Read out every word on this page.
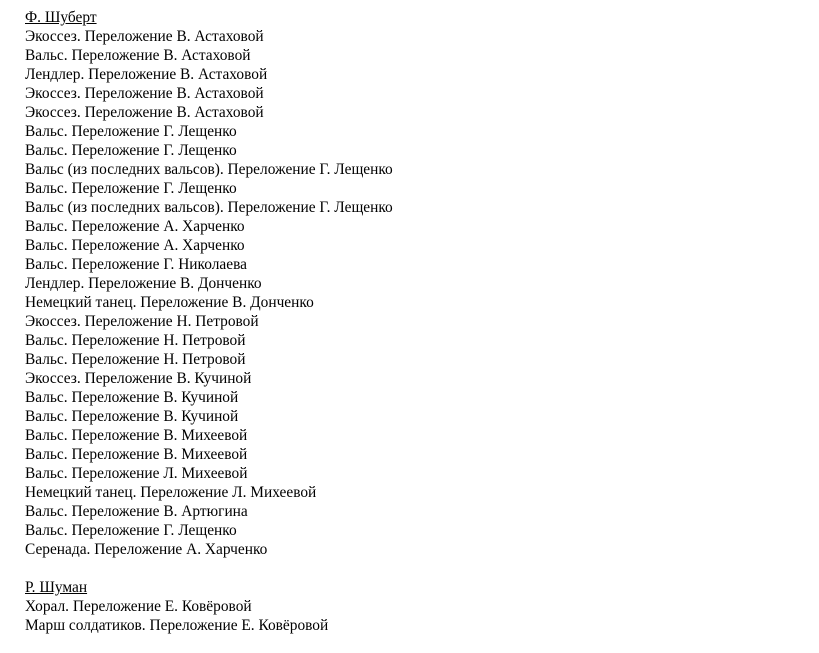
Ф. Шуберт
Экоссез. Переложение В. Астаховой
Вальс. Переложение В. Астаховой
Лендлер. Переложение В. Астаховой
Экоссез. Переложение В. Астаховой
Экоссез. Переложение В. Астаховой
Вальс. Переложение Г. Лещенко
Вальс. Переложение Г. Лещенко
Вальс (из последних вальсов). Переложение Г. Лещенко
Вальс. Переложение Г. Лещенко
Вальс (из последних вальсов). Переложение Г. Лещенко
Вальс. Переложение А. Харченко
Вальс. Переложение А. Харченко
Вальс. Переложение Г. Николаева
Лендлер. Переложение В. Донченко
Немецкий танец. Переложение В. Донченко
Экоссез. Переложение Н. Петровой
Вальс. Переложение Н. Петровой
Вальс. Переложение Н. Петровой
Экоссез. Переложение В. Кучиной
Вальс. Переложение В. Кучиной
Вальс. Переложение В. Кучиной
Вальс. Переложение В. Михеевой
Вальс. Переложение В. Михеевой
Вальс. Переложение Л. Михеевой
Немецкий танец. Переложение Л. Михеевой
Вальс. Переложение В. Артюгина
Вальс. Переложение Г. Лещенко
Серенада. Переложение А. Харченко
Р. Шуман
Хорал. Переложение Е. Ковёровой
Марш солдатиков. Переложение Е. Ковёровой
